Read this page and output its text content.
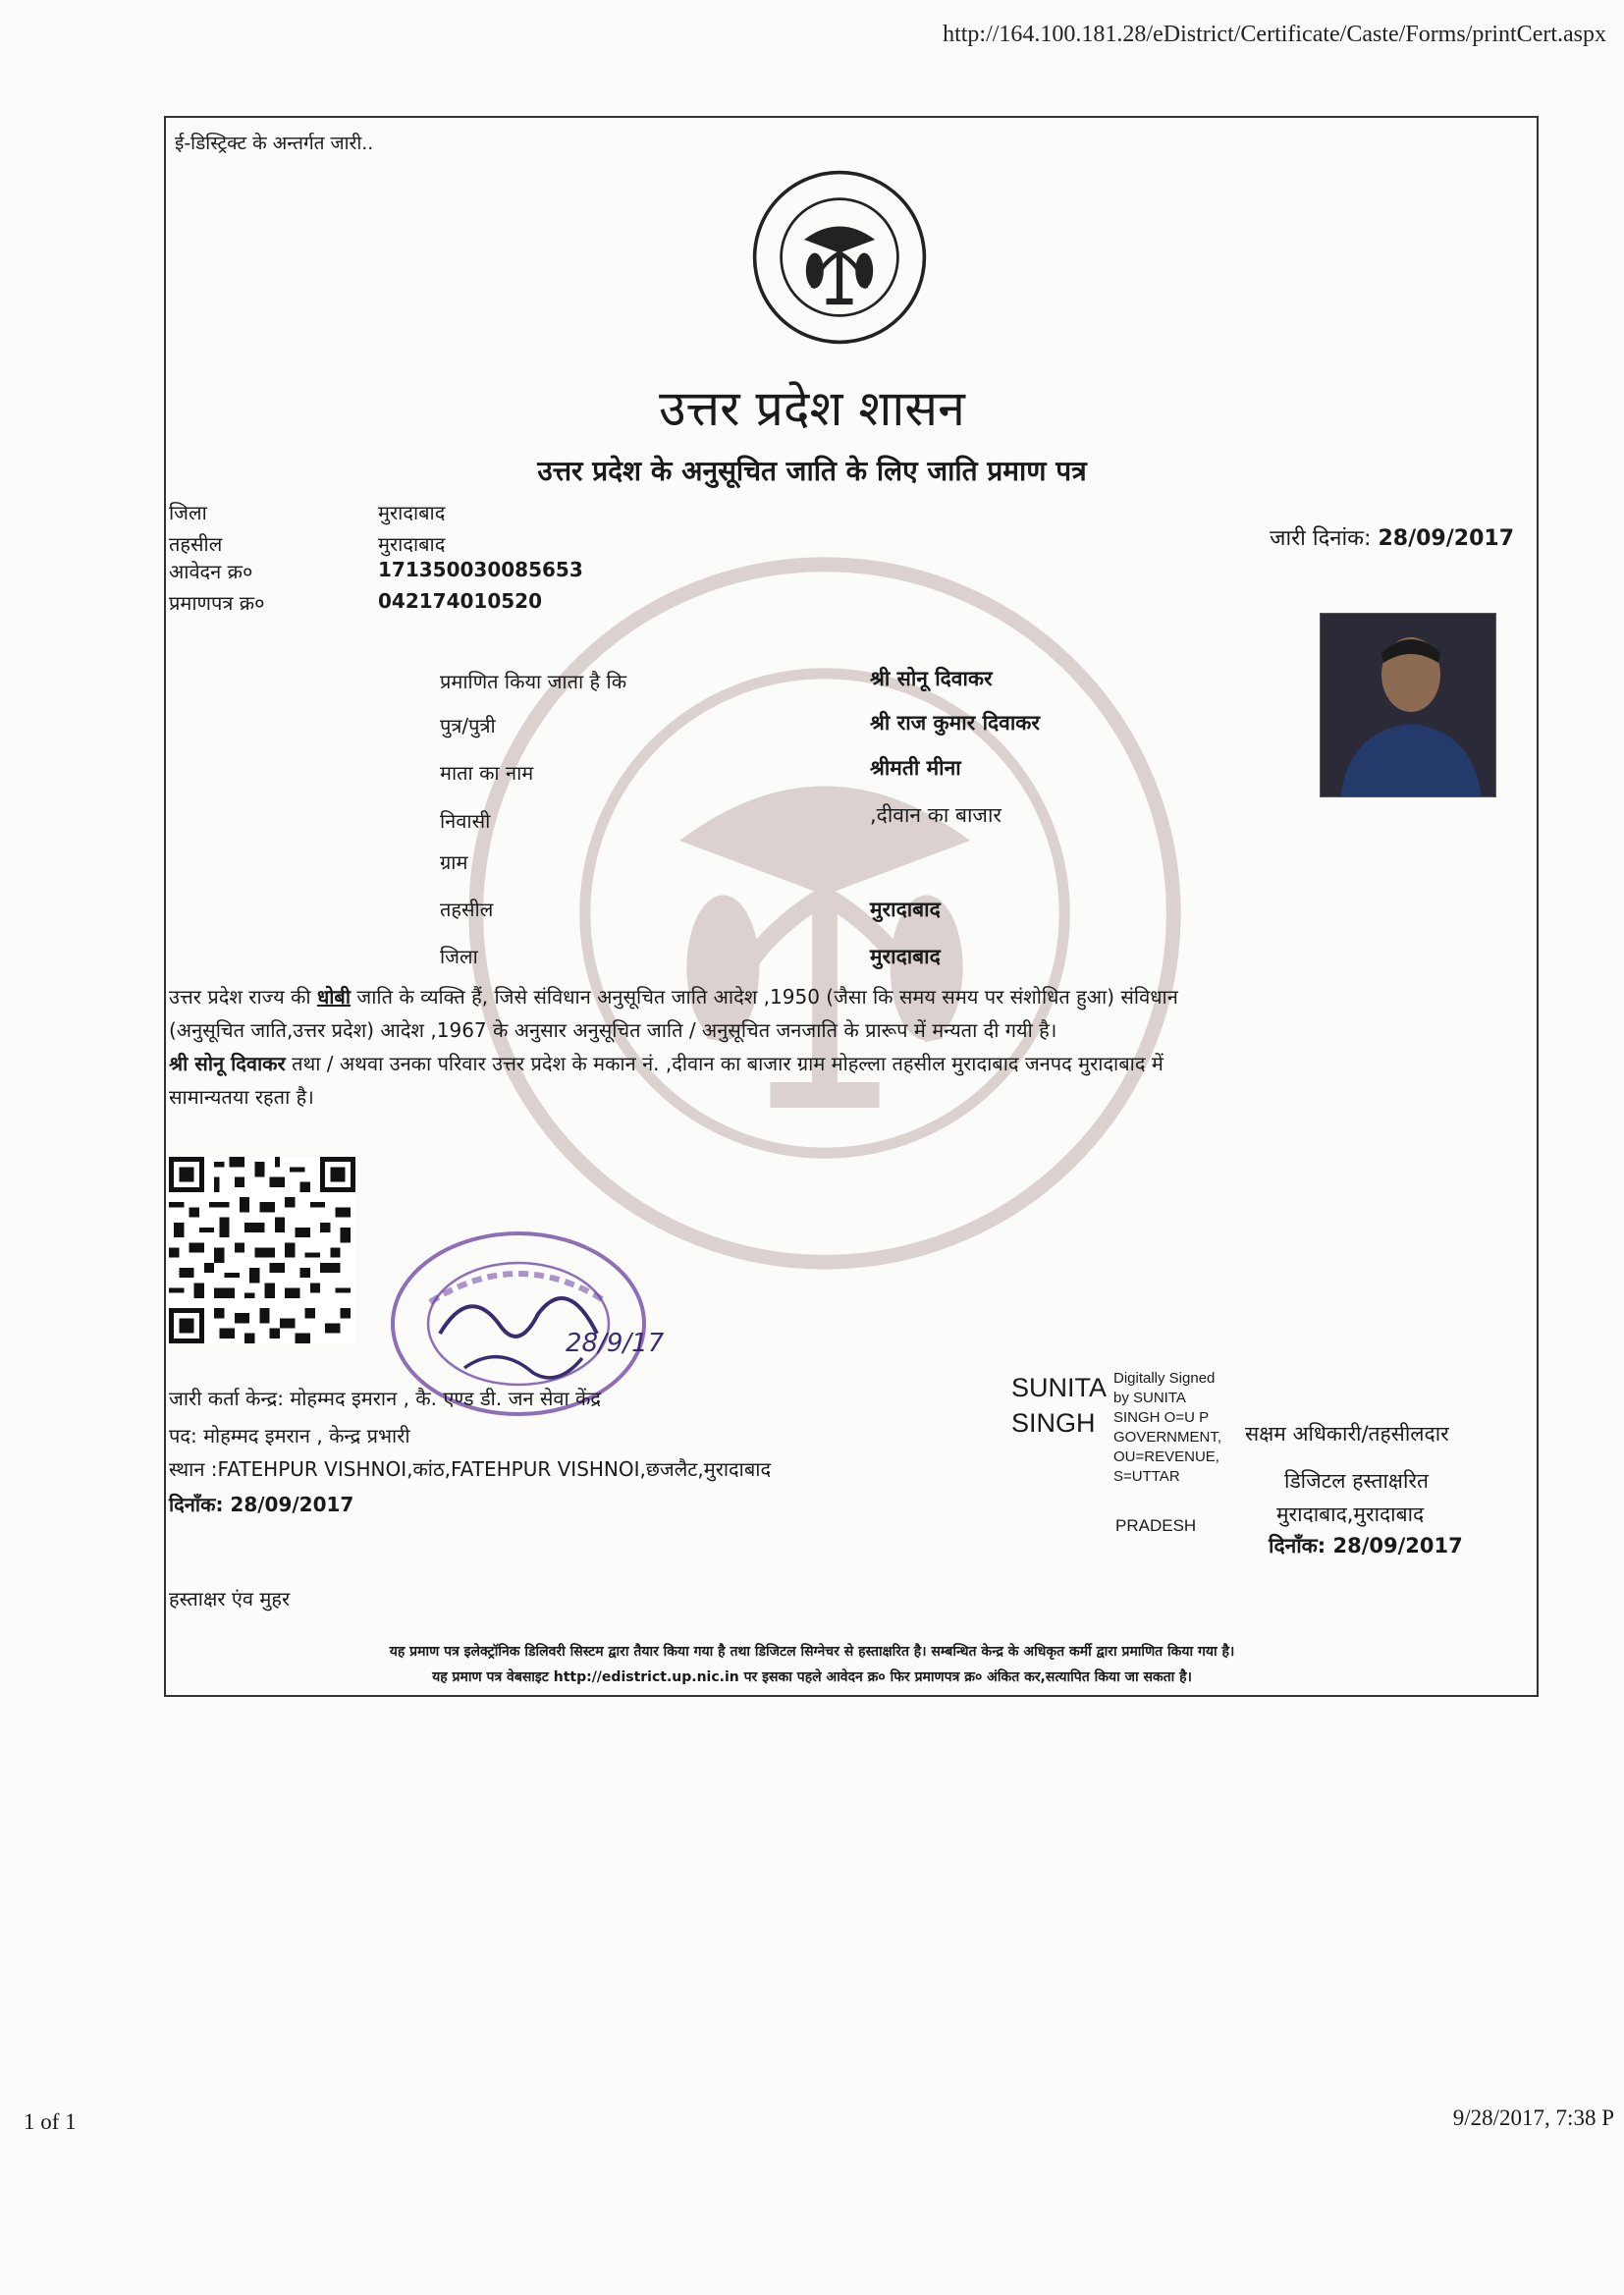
http://164.100.181.28/eDistrict/Certificate/Caste/Forms/printCert.aspx
ई-डिस्ट्रिक्ट के अन्तर्गत जारी..
उत्तर प्रदेश शासन
उत्तर प्रदेश के अनुसूचित जाति के लिए जाति प्रमाण पत्र
जिला	मुरादाबाद
तहसील	मुरादाबाद
आवेदन क्र०	171350030085653
प्रमाणपत्र क्र०	042174010520
जारी दिनांक: 28/09/2017
प्रमाणित किया जाता है कि	श्री सोनू दिवाकर
पुत्र/पुत्री	श्री राज कुमार दिवाकर
माता का नाम	श्रीमती मीना
निवासी	,दीवान का बाजार
ग्राम
तहसील	मुरादाबाद
जिला	मुरादाबाद
उत्तर प्रदेश राज्य की धोबी जाति के व्यक्ति हैं, जिसे संविधान अनुसूचित जाति आदेश ,1950 (जैसा कि समय समय पर संशोधित हुआ) संविधान
(अनुसूचित जाति,उत्तर प्रदेश) आदेश ,1967 के अनुसार अनुसूचित जाति / अनुसूचित जनजाति के प्रारूप में मन्यता दी गयी है।
श्री सोनू दिवाकर तथा / अथवा उनका परिवार उत्तर प्रदेश के मकान नं. ,दीवान का बाजार ग्राम मोहल्ला तहसील मुरादाबाद जनपद मुरादाबाद में
सामान्यतया रहता है।
28/9/17
जारी कर्ता केन्द्र: मोहम्मद इमरान , कै. एण्ड डी. जन सेवा केंद्र
पद: मोहम्मद इमरान , केन्द्र प्रभारी
स्थान :FATEHPUR VISHNOI,कांठ,FATEHPUR VISHNOI,छजलैट,मुरादाबाद
दिनाँक: 28/09/2017
SUNITA
SINGH
Digitally Signed
by SUNITA
SINGH O=U P
GOVERNMENT,
OU=REVENUE,
S=UTTAR
PRADESH
सक्षम अधिकारी/तहसीलदार
डिजिटल हस्ताक्षरित
मुरादाबाद,मुरादाबाद
दिनाँक: 28/09/2017
हस्ताक्षर एंव मुहर
यह प्रमाण पत्र इलेक्ट्रॉनिक डिलिवरी सिस्टम द्वारा तैयार किया गया है तथा डिजिटल सिग्नेचर से हस्ताक्षरित है। सम्बन्धित केन्द्र के अधिकृत कर्मी द्वारा प्रमाणित किया गया है।
यह प्रमाण पत्र वेबसाइट http://edistrict.up.nic.in पर इसका पहले आवेदन क्र० फिर प्रमाणपत्र क्र० अंकित कर,सत्यापित किया जा सकता है।
1 of 1	9/28/2017, 7:38 P
